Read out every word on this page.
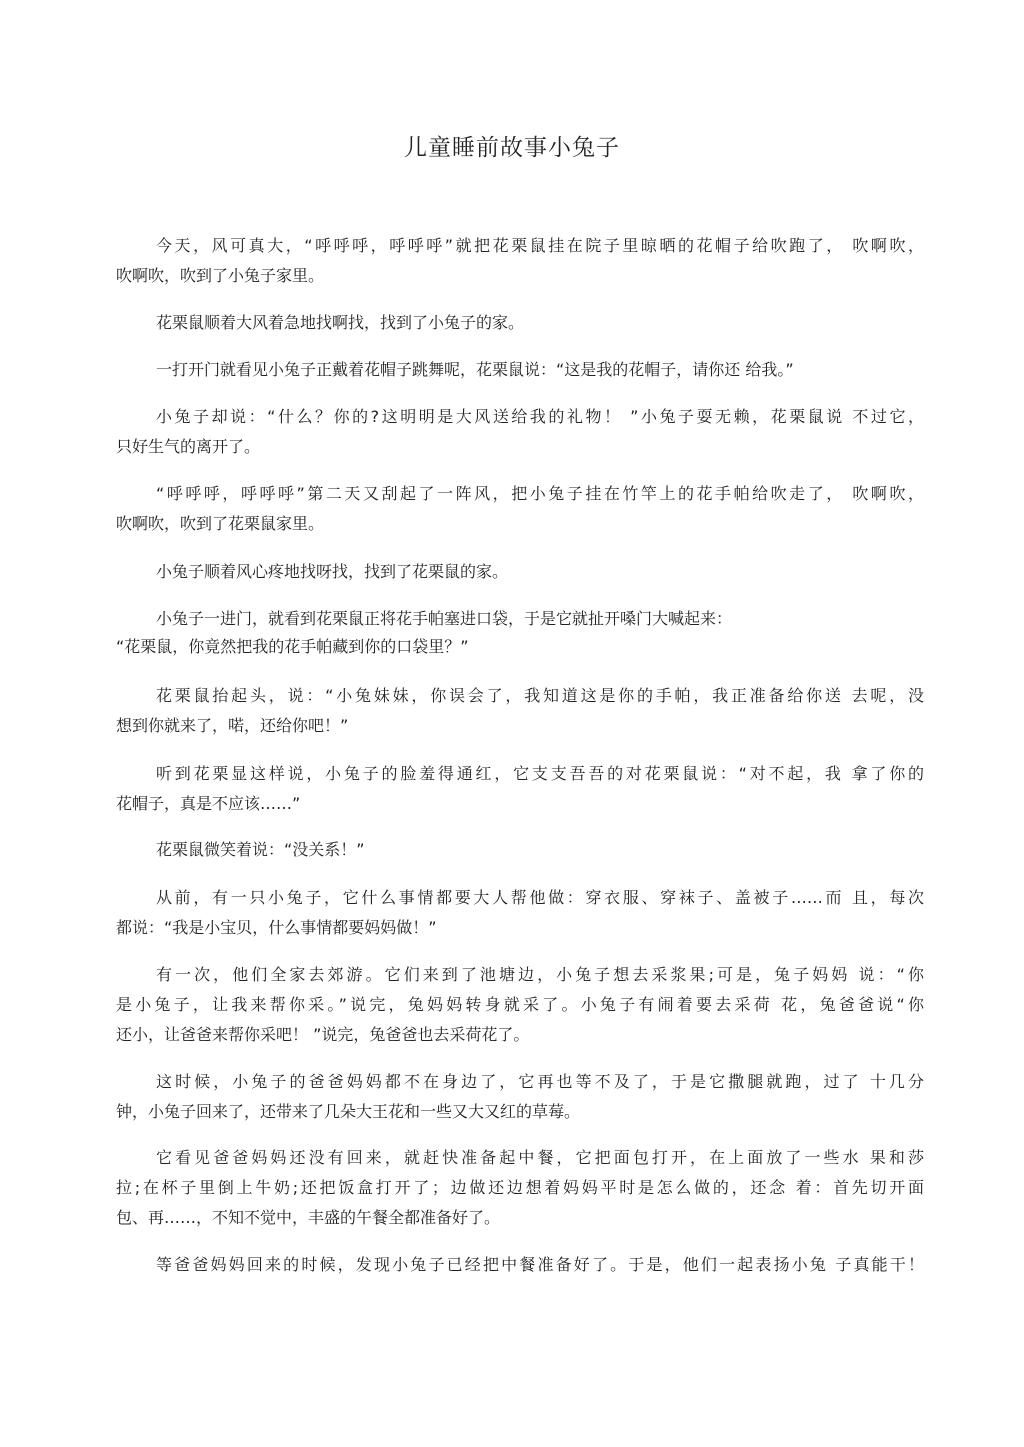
儿童睡前故事小兔子
今天，风可真大，“呼呼呼，呼呼呼”就把花栗鼠挂在院子里晾晒的花帽子给吹跑了， 吹啊吹，
吹啊吹，吹到了小兔子家里。
花栗鼠顺着大风着急地找啊找，找到了小兔子的家。
一打开门就看见小兔子正戴着花帽子跳舞呢，花栗鼠说：“这是我的花帽子，请你还 给我。”
小兔子却说：“什么？你的?这明明是大风送给我的礼物！ ”小兔子耍无赖，花栗鼠说 不过它，
只好生气的离开了。
“呼呼呼，呼呼呼”第二天又刮起了一阵风，把小兔子挂在竹竿上的花手帕给吹走了， 吹啊吹，
吹啊吹，吹到了花栗鼠家里。
小兔子顺着风心疼地找呀找，找到了花栗鼠的家。
小兔子一进门，就看到花栗鼠正将花手帕塞进口袋，于是它就扯开嗓门大喊起来：
“花栗鼠，你竟然把我的花手帕藏到你的口袋里？”
花栗鼠抬起头，说：“小兔妹妹，你误会了，我知道这是你的手帕，我正准备给你送 去呢，没
想到你就来了，喏，还给你吧！”
听到花栗显这样说，小兔子的脸羞得通红，它支支吾吾的对花栗鼠说：“对不起，我 拿了你的
花帽子，真是不应该……”
花栗鼠微笑着说：“没关系！”
从前，有一只小兔子，它什么事情都要大人帮他做：穿衣服、穿袜子、盖被子……而 且，每次
都说：“我是小宝贝，什么事情都要妈妈做！”
有一次，他们全家去郊游。它们来到了池塘边，小兔子想去采浆果;可是，兔子妈妈 说：“你
是小兔子，让我来帮你采。”说完，兔妈妈转身就采了。小兔子有闹着要去采荷 花，兔爸爸说“你
还小，让爸爸来帮你采吧！ ”说完，兔爸爸也去采荷花了。
这时候，小兔子的爸爸妈妈都不在身边了，它再也等不及了，于是它撒腿就跑，过了 十几分
钟，小兔子回来了，还带来了几朵大王花和一些又大又红的草莓。
它看见爸爸妈妈还没有回来，就赶快准备起中餐，它把面包打开，在上面放了一些水 果和莎
拉;在杯子里倒上牛奶;还把饭盒打开了；边做还边想着妈妈平时是怎么做的，还念 着：首先切开面
包、再……，不知不觉中，丰盛的午餐全都准备好了。
等爸爸妈妈回来的时候，发现小兔子已经把中餐准备好了。于是，他们一起表扬小兔 子真能干！
